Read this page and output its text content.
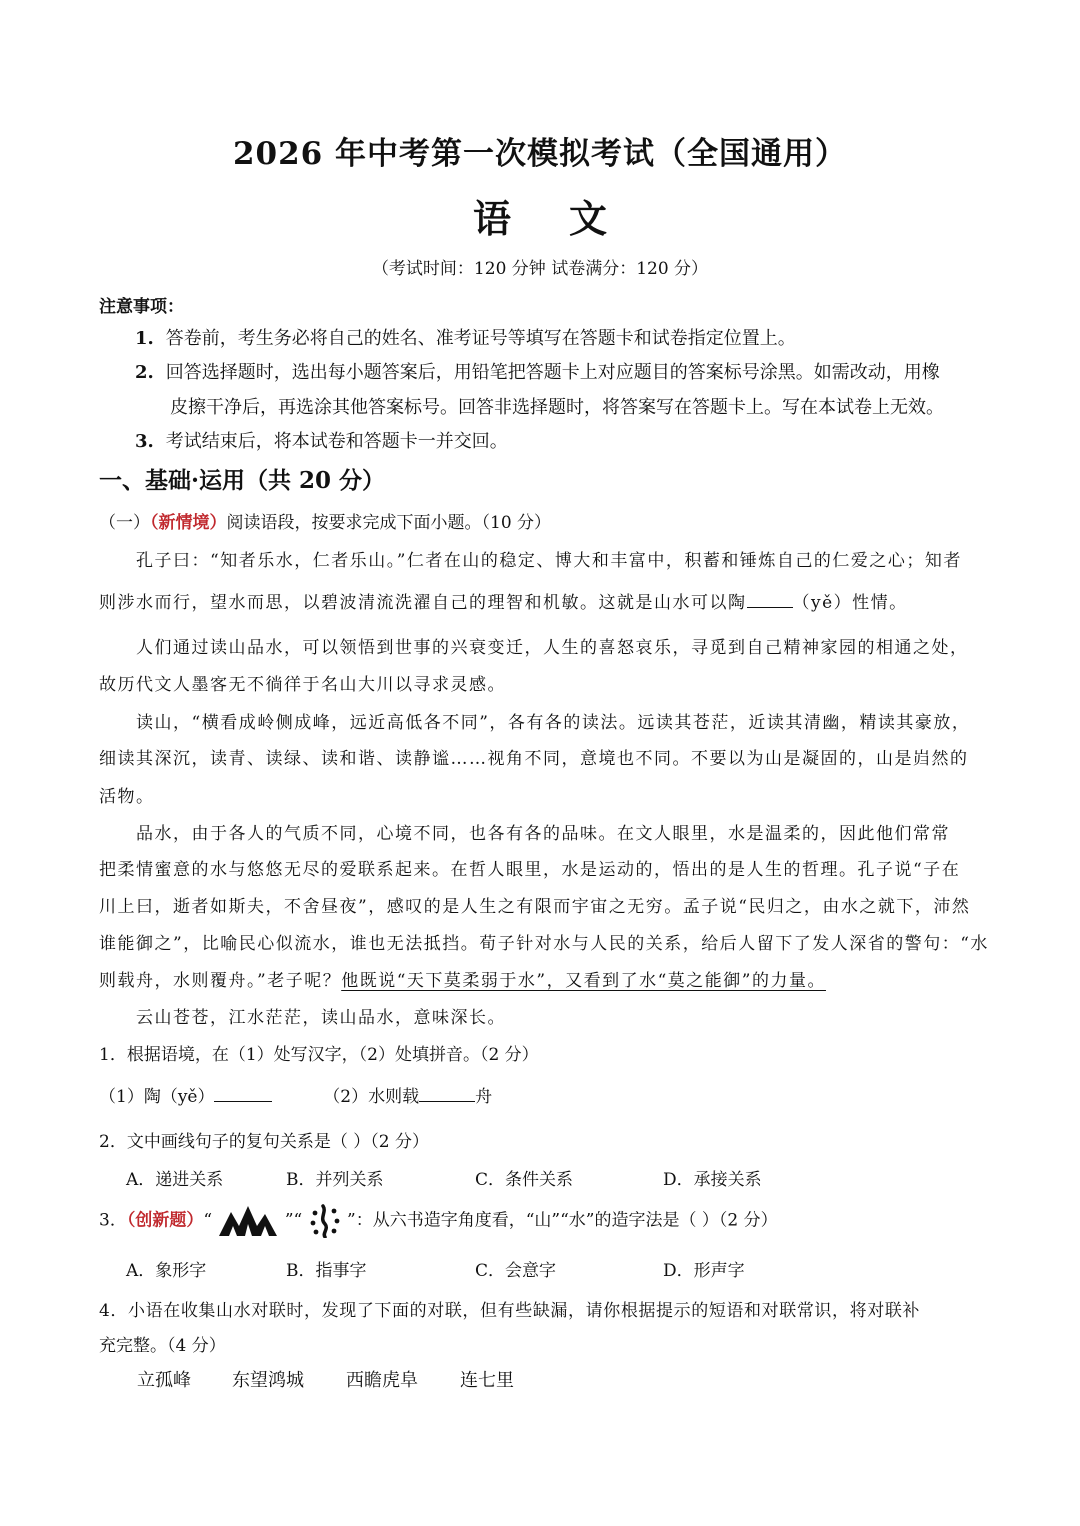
2026 年中考第一次模拟考试（全国通用）
语 文
（考试时间：120 分钟 试卷满分：120 分）
注意事项：
1. 答卷前，考生务必将自己的姓名、准考证号等填写在答题卡和试卷指定位置上。
2. 回答选择题时，选出每小题答案后，用铅笔把答题卡上对应题目的答案标号涂黑。如需改动，用橡
皮擦干净后，再选涂其他答案标号。回答非选择题时，将答案写在答题卡上。写在本试卷上无效。
3. 考试结束后，将本试卷和答题卡一并交回。
一、基础·运用（共 20 分）
（一）（新情境）阅读语段，按要求完成下面小题。（10 分）
孔子曰：“知者乐水，仁者乐山。”仁者在山的稳定、博大和丰富中，积蓄和锤炼自己的仁爱之心；知者
则涉水而行，望水而思，以碧波清流洗濯自己的理智和机敏。这就是山水可以陶	（yě）性情。
人们通过读山品水，可以领悟到世事的兴衰变迁，人生的喜怒哀乐，寻觅到自己精神家园的相通之处，
故历代文人墨客无不徜徉于名山大川以寻求灵感。
读山，“横看成岭侧成峰，远近高低各不同”，各有各的读法。远读其苍茫，近读其清幽，精读其豪放，
细读其深沉，读青、读绿、读和谐、读静谧……视角不同，意境也不同。不要以为山是凝固的，山是岿然的
活物。
品水，由于各人的气质不同，心境不同，也各有各的品味。在文人眼里，水是温柔的，因此他们常常
把柔情蜜意的水与悠悠无尽的爱联系起来。在哲人眼里，水是运动的，悟出的是人生的哲理。孔子说“子在
川上曰，逝者如斯夫，不舍昼夜”，感叹的是人生之有限而宇宙之无穷。孟子说“民归之，由水之就下，沛然
谁能御之”，比喻民心似流水，谁也无法抵挡。荀子针对水与人民的关系，给后人留下了发人深省的警句：“水
则载舟，水则覆舟。”老子呢？他既说“天下莫柔弱于水”，又看到了水“莫之能御”的力量。
云山苍苍，江水茫茫，读山品水，意味深长。
1．根据语境，在（1）处写汉字，（2）处填拼音。（2 分）
（1）陶（yě）	（2）水则载	舟
2．文中画线句子的复句关系是（ ）（2 分）
A．递进关系	B．并列关系	C．条件关系	D．承接关系
3．（创新题）“	”“	”：从六书造字角度看，“山”“水”的造字法是（ ）（2 分）
A．象形字	B．指事字	C．会意字	D．形声字
4．小语在收集山水对联时，发现了下面的对联，但有些缺漏，请你根据提示的短语和对联常识，将对联补
充完整。（4 分）
立孤峰 东望鸿城 西瞻虎阜 连七里
